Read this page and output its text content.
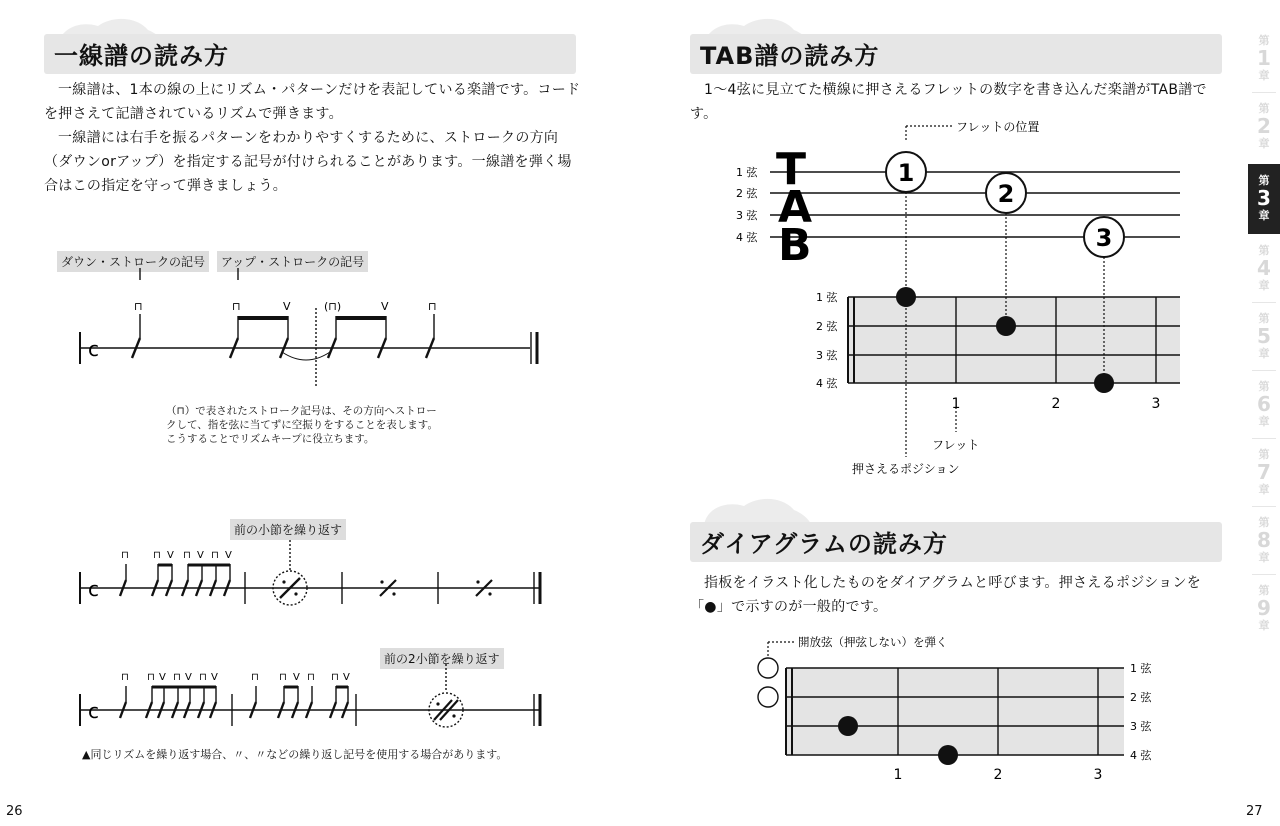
一線譜の読み方

一線譜は、1本の線の上にリズム・パターンだけを表記している楽譜です。コードを押さえて記譜されているリズムで弾きます。

一線譜には右手を振るパターンをわかりやすくするために、ストロークの方向（ダウンorアップ）を指定する記号が付けられることがあります。一線譜を弾く場合はこの指定を守って弾きましょう。

ダウン・ストロークの記号	アップ・ストロークの記号
c
⊓	⊓	V	(⊓)	V	⊓
（⊓）で表されたストローク記号は、その方向へストロー
クして、指を弦に当てずに空振りをすることを表します。
こうすることでリズムキープに役立ちます。
前の小節を繰り返す
c
⊓ ⊓ V ⊓ V ⊓ V
前の2小節を繰り返す
c
⊓ ⊓ V ⊓ V ⊓ V	⊓ ⊓ V ⊓ ⊓ V
▲同じリズムを繰り返す場合、〃、〃などの繰り返し記号を使用する場合があります。
26
TAB譜の読み方

1～4弦に見立てた横線に押さえるフレットの数字を書き込んだ楽譜がTAB譜です。

フレットの位置
1 弦
2 弦
3 弦
4 弦
T
A
B
1
2
3
1 弦
2 弦
3 弦
4 弦
1	2	3
フレット
押さえるポジション
ダイアグラムの読み方

指板をイラスト化したものをダイアグラムと呼びます。押さえるポジションを「●」で示すのが一般的です。

開放弦（押弦しない）を弾く
1 弦
2 弦
3 弦
4 弦
1	2	3
27
第
1
章
第
2
章
第
3
章
第
4
章
第
5
章
第
6
章
第
7
章
第
8
章
第
9
章
